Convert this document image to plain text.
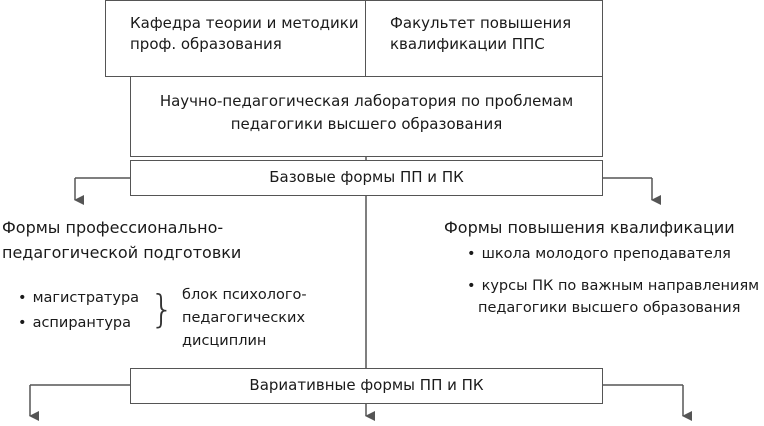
Кафедра теории и методики
проф. образования
Факультет повышения
квалификации ППС
Научно-педагогическая лаборатория по проблемам
педагогики высшего образования
Базовые формы ПП и ПК
Формы профессионально-
педагогической подготовки
• магистратура
• аспирантура } блок психолого-
педагогических
дисциплин
Формы повышения квалификации
• школа молодого преподавателя
• курсы ПК по важным направлениям
педагогики высшего образования
Вариативные формы ПП и ПК
